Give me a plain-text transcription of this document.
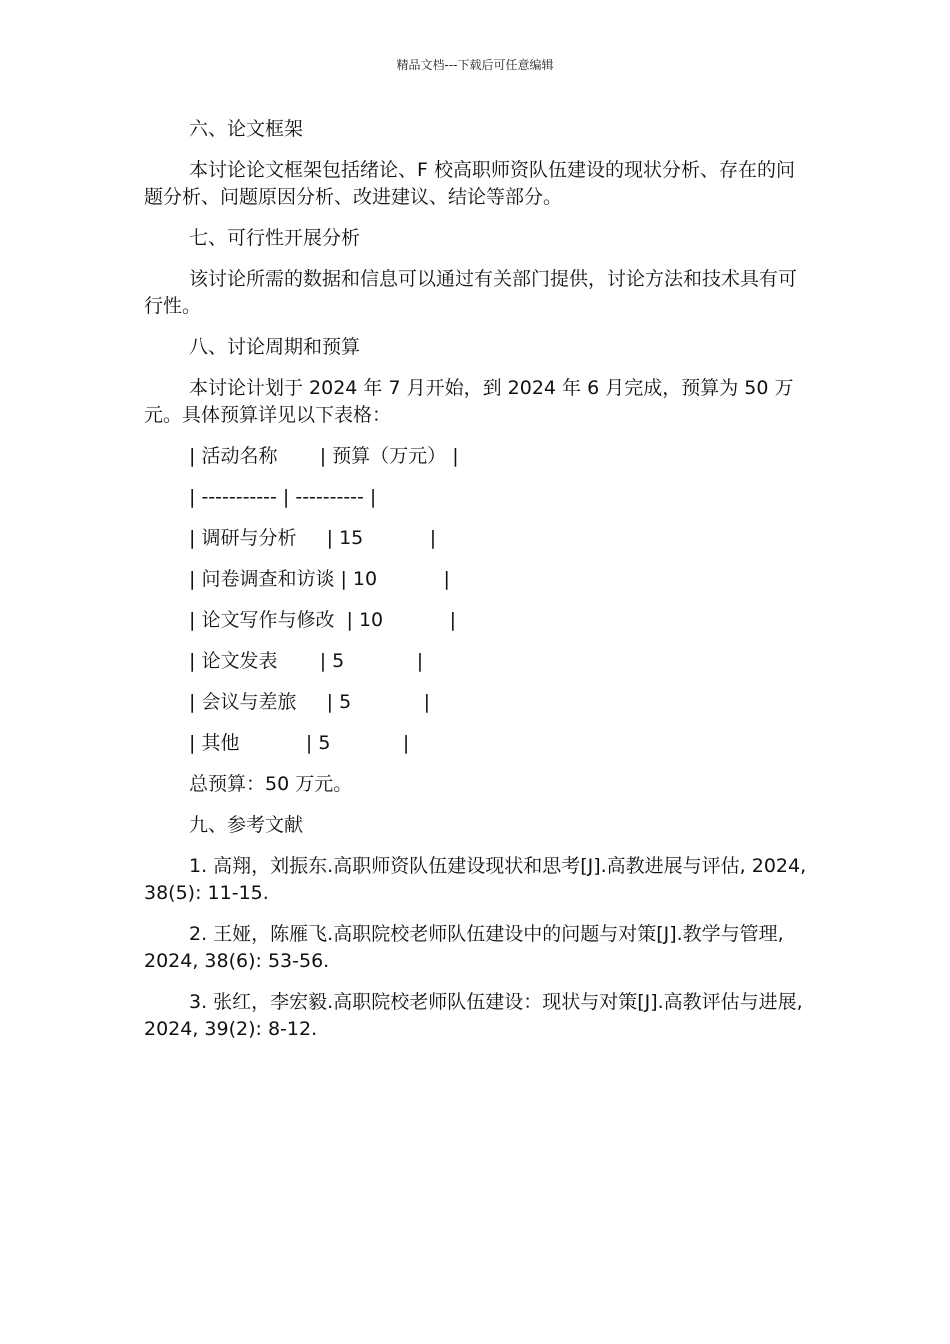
精品文档---下载后可任意编辑

六、论文框架

本讨论论文框架包括绪论、F 校高职师资队伍建设的现状分析、存在的问题分析、问题原因分析、改进建议、结论等部分。

七、可行性开展分析

该讨论所需的数据和信息可以通过有关部门提供，讨论方法和技术具有可行性。

八、讨论周期和预算

本讨论计划于 2024 年 7 月开始，到 2024 年 6 月完成，预算为 50 万元。具体预算详见以下表格：

| 活动名称       | 预算（万元） |

| ----------- | ---------- |

| 调研与分析     | 15           |

| 问卷调查和访谈 | 10           |

| 论文写作与修改  | 10           |

| 论文发表       | 5            |

| 会议与差旅     | 5            |

| 其他           | 5            |

总预算：50 万元。

九、参考文献

1. 高翔，刘振东.高职师资队伍建设现状和思考[J].高教进展与评估, 2024, 38(5): 11-15.

2. 王娅，陈雁飞.高职院校老师队伍建设中的问题与对策[J].教学与管理, 2024, 38(6): 53-56.

3. 张红，李宏毅.高职院校老师队伍建设：现状与对策[J].高教评估与进展, 2024, 39(2): 8-12.
